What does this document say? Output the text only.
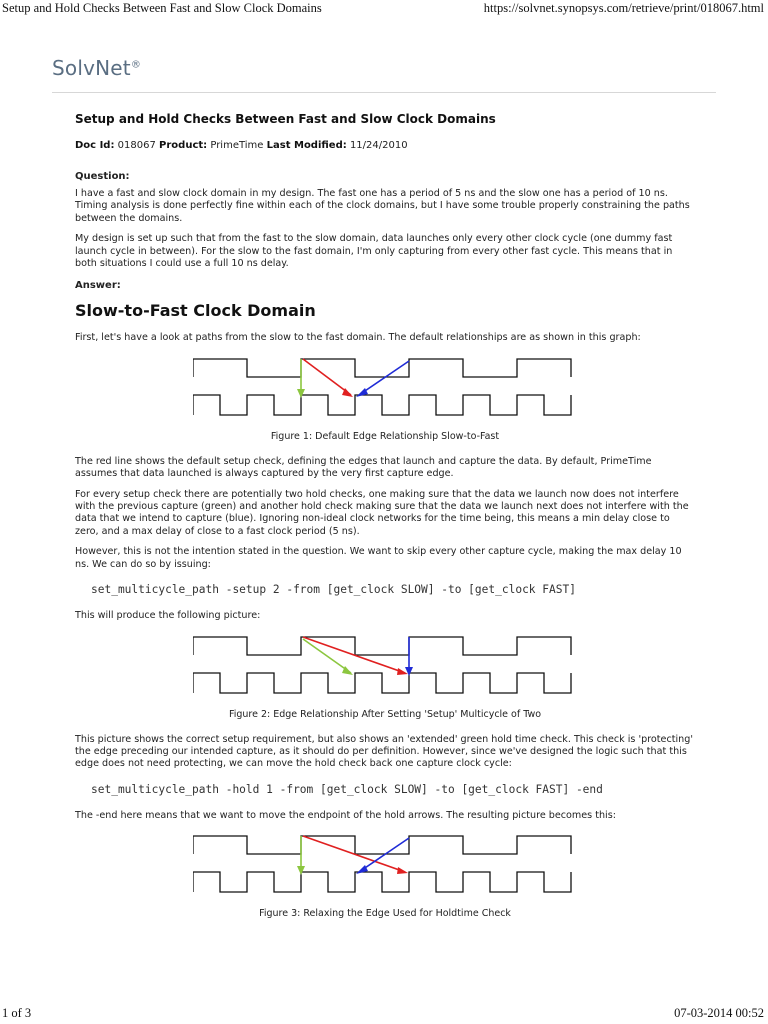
Setup and Hold Checks Between Fast and Slow Clock Domains	https://solvnet.synopsys.com/retrieve/print/018067.html
SolvNet®
Setup and Hold Checks Between Fast and Slow Clock Domains
Doc Id: 018067 Product: PrimeTime Last Modified: 11/24/2010
Question:

I have a fast and slow clock domain in my design. The fast one has a period of 5 ns and the slow one has a period of 10 ns. Timing analysis is done perfectly fine within each of the clock domains, but I have some trouble properly constraining the paths between the domains.

My design is set up such that from the fast to the slow domain, data launches only every other clock cycle (one dummy fast launch cycle in between). For the slow to the fast domain, I'm only capturing from every other fast cycle. This means that in both situations I could use a full 10 ns delay.

Answer:
Slow-to-Fast Clock Domain

First, let's have a look at paths from the slow to the fast domain. The default relationships are as shown in this graph:

Figure 1: Default Edge Relationship Slow-to-Fast

The red line shows the default setup check, defining the edges that launch and capture the data. By default, PrimeTime assumes that data launched is always captured by the very first capture edge.

For every setup check there are potentially two hold checks, one making sure that the data we launch now does not interfere with the previous capture (green) and another hold check making sure that the data we launch next does not interfere with the data that we intend to capture (blue). Ignoring non-ideal clock networks for the time being, this means a min delay close to zero, and a max delay of close to a fast clock period (5 ns).

However, this is not the intention stated in the question. We want to skip every other capture cycle, making the max delay 10 ns. We can do so by issuing:

set_multicycle_path -setup 2 -from [get_clock SLOW] -to [get_clock FAST]

This will produce the following picture:

Figure 2: Edge Relationship After Setting 'Setup' Multicycle of Two

This picture shows the correct setup requirement, but also shows an 'extended' green hold time check. This check is 'protecting' the edge preceding our intended capture, as it should do per definition. However, since we've designed the logic such that this edge does not need protecting, we can move the hold check back one capture clock cycle:

set_multicycle_path -hold 1 -from [get_clock SLOW] -to [get_clock FAST] -end

The -end here means that we want to move the endpoint of the hold arrows. The resulting picture becomes this:

Figure 3: Relaxing the Edge Used for Holdtime Check
1 of 3	07-03-2014 00:52
